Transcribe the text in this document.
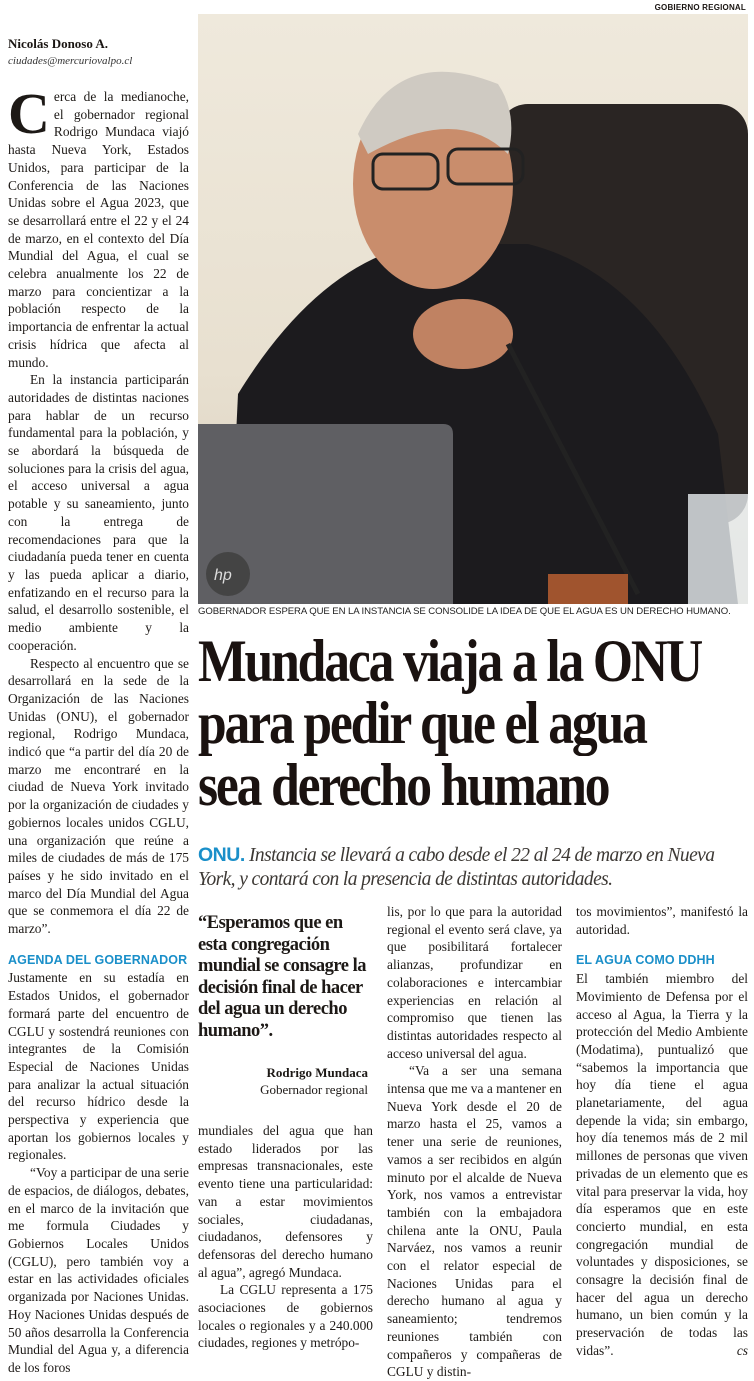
GOBIERNO REGIONAL
Nicolás Donoso A.
ciudades@mercuriovalpo.cl

Cerca de la medianoche, el gobernador regional Rodrigo Mundaca viajó hasta Nueva York, Estados Unidos, para participar de la Conferencia de las Naciones Unidas sobre el Agua 2023, que se desarrollará entre el 22 y el 24 de marzo, en el contexto del Día Mundial del Agua, el cual se celebra anualmente los 22 de marzo para concientizar a la población respecto de la importancia de enfrentar la actual crisis hídrica que afecta al mundo.

En la instancia participarán autoridades de distintas naciones para hablar de un recurso fundamental para la población, y se abordará la búsqueda de soluciones para la crisis del agua, el acceso universal a agua potable y su saneamiento, junto con la entrega de recomendaciones para que la ciudadanía pueda tener en cuenta y las pueda aplicar a diario, enfatizando en el recurso para la salud, el desarrollo sostenible, el medio ambiente y la cooperación.

Respecto al encuentro que se desarrollará en la sede de la Organización de las Naciones Unidas (ONU), el gobernador regional, Rodrigo Mundaca, indicó que “a partir del día 20 de marzo me encontraré en la ciudad de Nueva York invitado por la organización de ciudades y gobiernos locales unidos CGLU, una organización que reúne a miles de ciudades de más de 175 países y he sido invitado en el marco del Día Mundial del Agua que se conmemora el día 22 de marzo”.

AGENDA DEL GOBERNADOR

Justamente en su estadía en Estados Unidos, el gobernador formará parte del encuentro de CGLU y sostendrá reuniones con integrantes de la Comisión Especial de Naciones Unidas para analizar la actual situación del recurso hídrico desde la perspectiva y experiencia que aportan los gobiernos locales y regionales.

“Voy a participar de una serie de espacios, de diálogos, debates, en el marco de la invitación que me formula Ciudades y Gobiernos Locales Unidos (CGLU), pero también voy a estar en las actividades oficiales organizada por Naciones Unidas. Hoy Naciones Unidas después de 50 años desarrolla la Conferencia Mundial del Agua y, a diferencia de los foros

hp
GOBERNADOR ESPERA QUE EN LA INSTANCIA SE CONSOLIDE LA IDEA DE QUE EL AGUA ES UN DERECHO HUMANO.
Mundaca viaja a la ONU
para pedir que el agua
sea derecho humano
ONU. Instancia se llevará a cabo desde el 22 al 24 de marzo en Nueva York, y contará con la presencia de distintas autoridades.
“Esperamos que en esta congregación mundial se consagre la decisión final de hacer del agua un derecho humano”.
Rodrigo Mundaca
Gobernador regional

mundiales del agua que han estado liderados por las empresas transnacionales, este evento tiene una particularidad: van a estar movimientos sociales, ciudadanas, ciudadanos, defensores y defensoras del derecho humano al agua”, agregó Mundaca.

La CGLU representa a 175 asociaciones de gobiernos locales o regionales y a 240.000 ciudades, regiones y metrópo-

lis, por lo que para la autoridad regional el evento será clave, ya que posibilitará fortalecer alianzas, profundizar en colaboraciones e intercambiar experiencias en relación al compromiso que tienen las distintas autoridades respecto al acceso universal del agua.

“Va a ser una semana intensa que me va a mantener en Nueva York desde el 20 de marzo hasta el 25, vamos a tener una serie de reuniones, vamos a ser recibidos en algún minuto por el alcalde de Nueva York, nos vamos a entrevistar también con la embajadora chilena ante la ONU, Paula Narváez, nos vamos a reunir con el relator especial de Naciones Unidas para el derecho humano al agua y saneamiento; tendremos reuniones también con compañeros y compañeras de CGLU y distin-

tos movimientos”, manifestó la autoridad.

EL AGUA COMO DDHH

El también miembro del Movimiento de Defensa por el acceso al Agua, la Tierra y la protección del Medio Ambiente (Modatima), puntualizó que “sabemos la importancia que hoy día tiene el agua planetariamente, del agua depende la vida; sin embargo, hoy día tenemos más de 2 mil millones de personas que viven privadas de un elemento que es vital para preservar la vida, hoy día esperamos que en este concierto mundial, en esta congregación mundial de voluntades y disposiciones, se consagre la decisión final de hacer del agua un derecho humano, un bien común y la preservación de todas las vidas”.	cs
